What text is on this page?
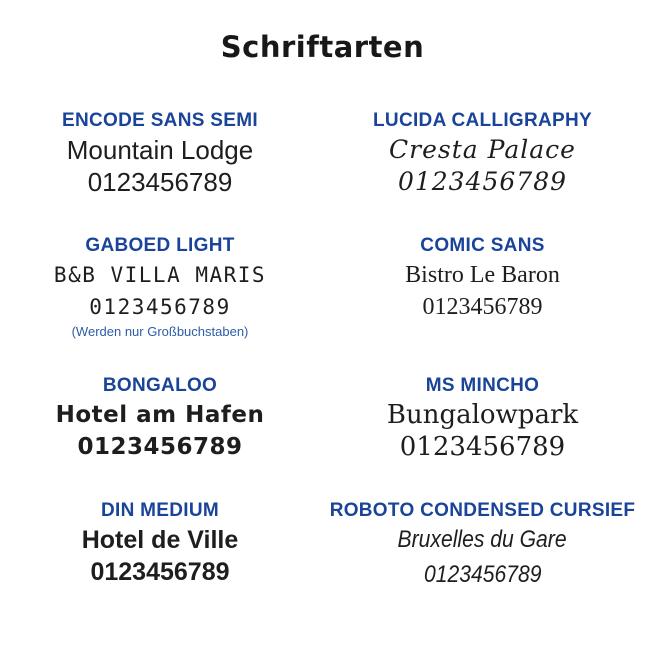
Schriftarten
ENCODE SANS SEMI
Mountain Lodge
0123456789
LUCIDA CALLIGRAPHY
Cresta Palace
0123456789
GABOED LIGHT
B&B VILLA MARIS
0123456789
(Werden nur Großbuchstaben)
COMIC SANS
Bistro Le Baron
0123456789
BONGALOO
Hotel am Hafen
0123456789
MS MINCHO
Bungalowpark
0123456789
DIN MEDIUM
Hotel de Ville
0123456789
ROBOTO CONDENSED CURSIEF
Bruxelles du Gare
0123456789
